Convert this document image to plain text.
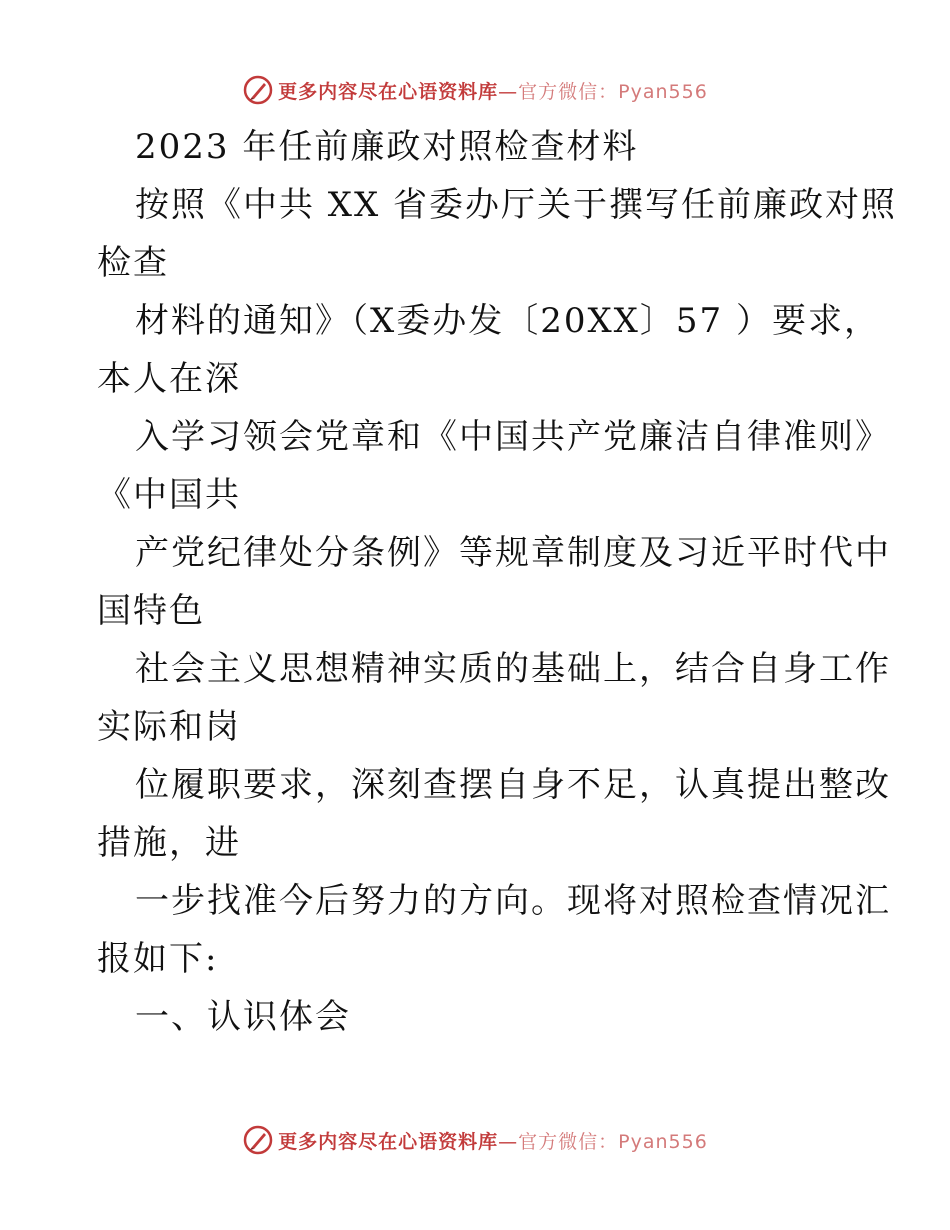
更多内容尽在心语资料库—官方微信：Pyan556
2023 年任前廉政对照检查材料
按照《中共 XX 省委办厅关于撰写任前廉政对照
检查
材料的通知》（X委办发〔20XX〕57 ）要求，
本人在深
入学习领会党章和《中国共产党廉洁自律准则》
《中国共
产党纪律处分条例》等规章制度及习近平时代中
国特色
社会主义思想精神实质的基础上，结合自身工作
实际和岗
位履职要求，深刻查摆自身不足，认真提出整改
措施，进
一步找准今后努力的方向。现将对照检查情况汇
报如下:
一、认识体会
更多内容尽在心语资料库—官方微信：Pyan556
